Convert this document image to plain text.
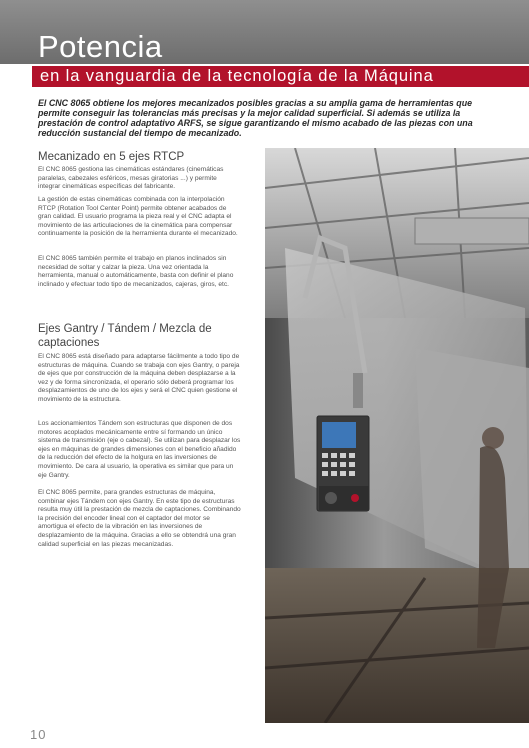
Potencia
en la vanguardia de la tecnología de la Máquina
El CNC 8065 obtiene los mejores mecanizados posibles gracias a su amplia gama de herramientas que permite conseguir las tolerancias más precisas y la mejor calidad superficial. Si además se utiliza la prestación de control adaptativo ARFS, se sigue garantizando el mismo acabado de las piezas con una reducción sustancial del tiempo de mecanizado.
Mecanizado en 5 ejes RTCP
El CNC 8065 gestiona las cinemáticas estándares (cinemáticas paralelas, cabezales esféricos, mesas giratorias ...) y permite integrar cinemáticas específicas del fabricante.
La gestión de estas cinemáticas combinada con la interpolación RTCP (Rotation Tool Center Point) permite obtener acabados de gran calidad. El usuario programa la pieza real y el CNC adapta el movimiento de las articulaciones de la cinemática para compensar continuamente la posición de la herramienta durante el mecanizado.
El CNC 8065 también permite el trabajo en planos inclinados sin necesidad de soltar y calzar la pieza. Una vez orientada la herramienta, manual o automáticamente, basta con definir el plano inclinado y efectuar todo tipo de mecanizados, cajeras, giros, etc.
Ejes Gantry / Tándem / Mezcla de captaciones
El CNC 8065 está diseñado para adaptarse fácilmente a todo tipo de estructuras de máquina. Cuando se trabaja con ejes Gantry, o pareja de ejes que por construcción de la máquina deben desplazarse a la vez y de forma sincronizada, el operario sólo deberá programar los desplazamientos de uno de los ejes y será el CNC quien gestione el movimiento de la estructura.
Los accionamientos Tándem son estructuras que disponen de dos motores acoplados mecánicamente entre sí formando un único sistema de transmisión (eje o cabezal). Se utilizan para desplazar los ejes en máquinas de grandes dimensiones con el beneficio añadido de la reducción del efecto de la holgura en las inversiones de movimiento. De cara al usuario, la operativa es similar que para un eje Gantry.
El CNC 8065 permite, para grandes estructuras de máquina, combinar ejes Tándem con ejes Gantry. En este tipo de estructuras resulta muy útil la prestación de mezcla de captaciones. Combinando la precisión del encoder lineal con el captador del motor se amortigua el efecto de la vibración en las inversiones de desplazamiento de la máquina. Gracias a ello se obtendrá una gran calidad superficial en las piezas mecanizadas.
10
